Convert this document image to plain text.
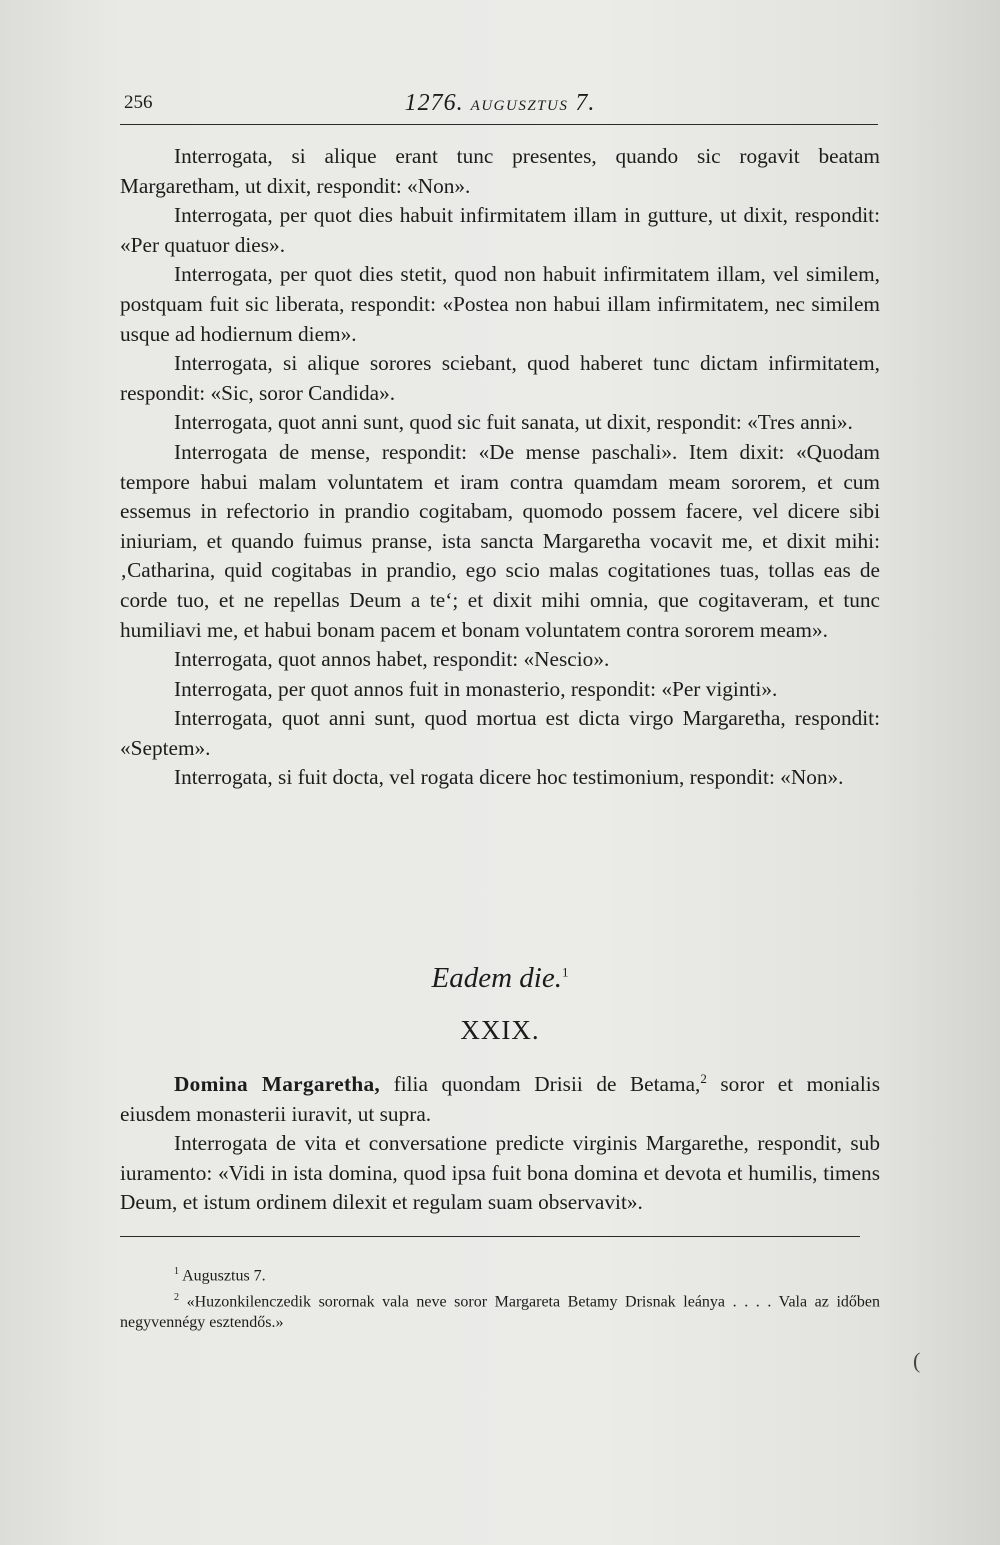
256	1276. AUGUSZTUS 7.

Interrogata, si alique erant tunc presentes, quando sic rogavit beatam Margaretham, ut dixit, respondit: «Non».

Interrogata, per quot dies habuit infirmitatem illam in gutture, ut dixit, respondit: «Per quatuor dies».

Interrogata, per quot dies stetit, quod non habuit infirmitatem illam, vel similem, postquam fuit sic liberata, respondit: «Postea non habui illam infirmitatem, nec similem usque ad hodiernum diem».

Interrogata, si alique sorores sciebant, quod haberet tunc dictam infirmitatem, respondit: «Sic, soror Candida».

Interrogata, quot anni sunt, quod sic fuit sanata, ut dixit, respondit: «Tres anni».

Interrogata de mense, respondit: «De mense paschali». Item dixit: «Quodam tempore habui malam voluntatem et iram contra quamdam meam sororem, et cum essemus in refectorio in prandio cogitabam, quomodo possem facere, vel dicere sibi iniuriam, et quando fuimus pranse, ista sancta Margaretha vocavit me, et dixit mihi: ‚Catharina, quid cogitabas in prandio, ego scio malas cogitationes tuas, tollas eas de corde tuo, et ne repellas Deum a te‘; et dixit mihi omnia, que cogitaveram, et tunc humiliavi me, et habui bonam pacem et bonam voluntatem contra sororem meam».

Interrogata, quot annos habet, respondit: «Nescio».

Interrogata, per quot annos fuit in monasterio, respondit: «Per viginti».

Interrogata, quot anni sunt, quod mortua est dicta virgo Margaretha, respondit: «Septem».

Interrogata, si fuit docta, vel rogata dicere hoc testimonium, respondit: «Non».

Eadem die.$^1$
XXIX.

Domina Margaretha, filia quondam Drisii de Betama,$^2$ soror et monialis eiusdem monasterii iuravit, ut supra.

Interrogata de vita et conversatione predicte virginis Margarethe, respondit, sub iuramento: «Vidi in ista domina, quod ipsa fuit bona domina et devota et humilis, timens Deum, et istum ordinem dilexit et regulam suam observavit».

$^1$ Augusztus 7.

$^2$ «Huzonkilenczedik sorornak vala neve soror Margareta Betamy Drisnak leánya . . . . Vala az időben negyvennégy esztendős.»

(
